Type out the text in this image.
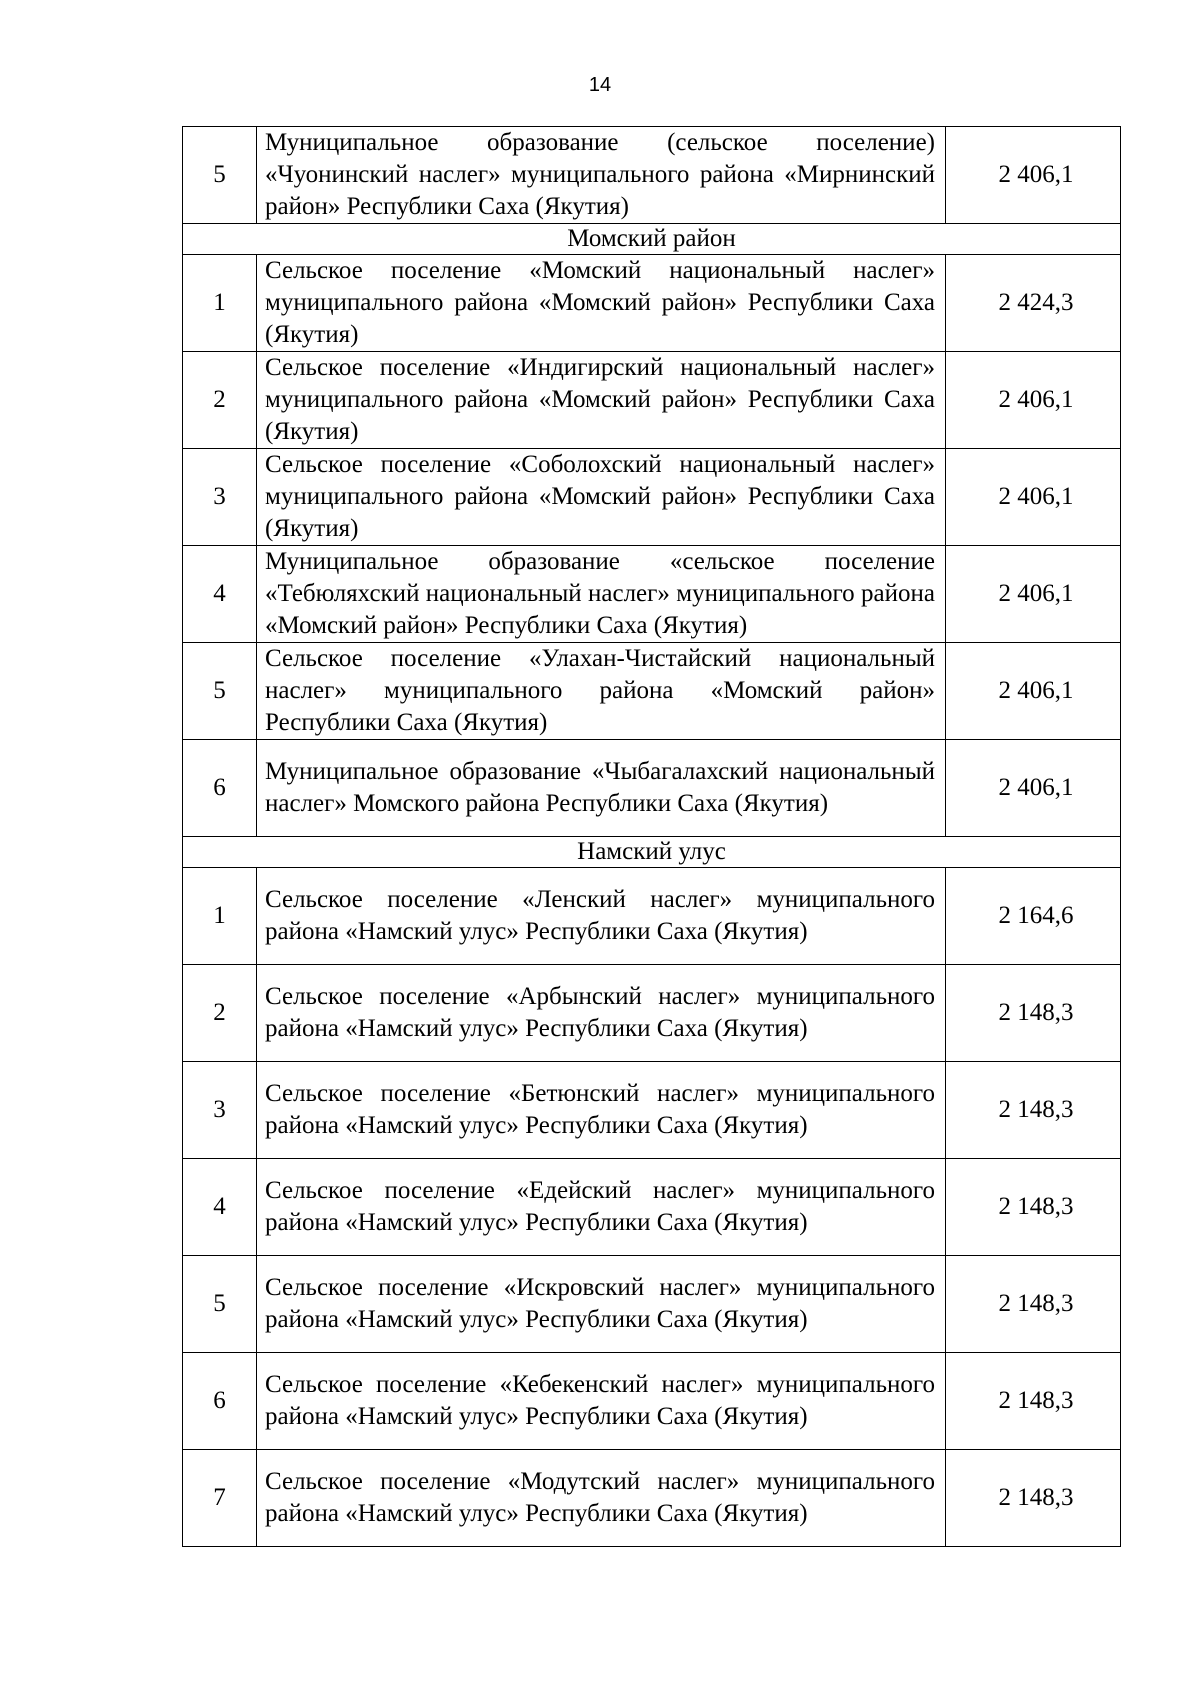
14
5	Муниципальное образование (сельское поселение) «Чуонинский наслег» муниципального района «Мирнинский район» Республики Саха (Якутия)	2 406,1
Момский район		
1	Сельское поселение «Момский национальный наслег» муниципального района «Момский район» Республики Саха (Якутия)	2 424,3
2	Сельское поселение «Индигирский национальный наслег» муниципального района «Момский район» Республики Саха (Якутия)	2 406,1
3	Сельское поселение «Соболохский национальный наслег» муниципального района «Момский район» Республики Саха (Якутия)	2 406,1
4	Муниципальное образование «сельское поселение «Тебюляхский национальный наслег» муниципального района «Момский район» Республики Саха (Якутия)	2 406,1
5	Сельское поселение «Улахан-Чистайский национальный наслег» муниципального района «Момский район» Республики Саха (Якутия)	2 406,1
6	Муниципальное образование «Чыбагалахский национальный наслег» Момского района Республики Саха (Якутия)	2 406,1
Намский улус		
1	Сельское поселение «Ленский наслег» муниципального района «Намский улус» Республики Саха (Якутия)	2 164,6
2	Сельское поселение «Арбынский наслег» муниципального района «Намский улус» Республики Саха (Якутия)	2 148,3
3	Сельское поселение «Бетюнский наслег» муниципального района «Намский улус» Республики Саха (Якутия)	2 148,3
4	Сельское поселение «Едейский наслег» муниципального района «Намский улус» Республики Саха (Якутия)	2 148,3
5	Сельское поселение «Искровский наслег» муниципального района «Намский улус» Республики Саха (Якутия)	2 148,3
6	Сельское поселение «Кебекенский наслег» муниципального района «Намский улус» Республики Саха (Якутия)	2 148,3
7	Сельское поселение «Модутский наслег» муниципального района «Намский улус» Республики Саха (Якутия)	2 148,3
